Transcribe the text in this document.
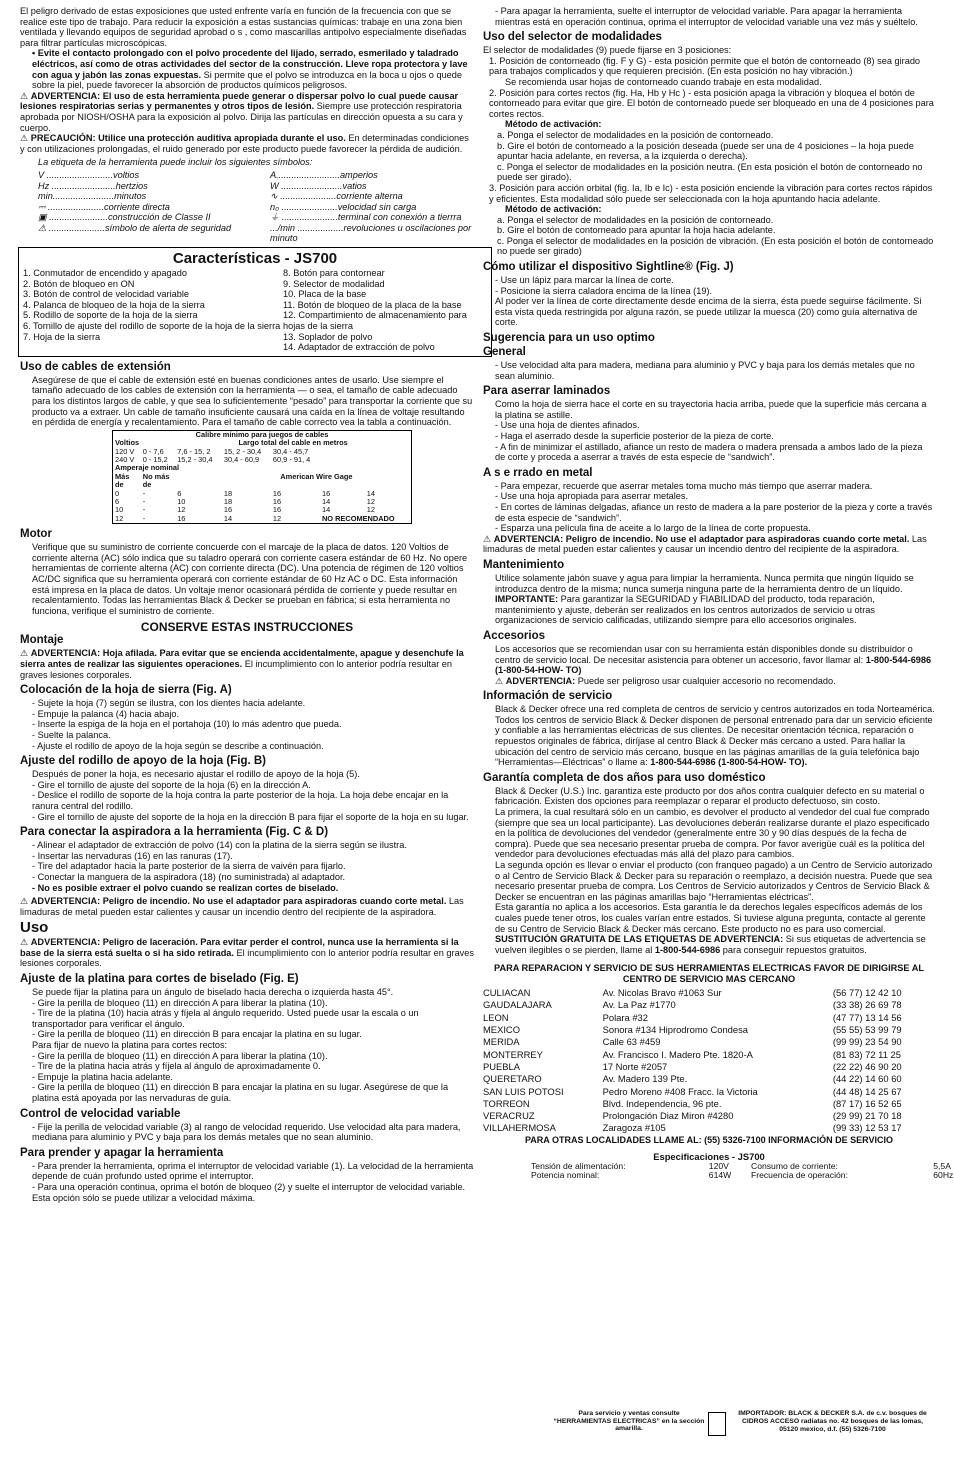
El peligro derivado de estas exposiciones que usted enfrente varía en función de la frecuencia con que se realice este tipo de trabajo. Para reducir la exposición a estas sustancias químicas: trabaje en una zona bien ventilada y llevando equipos de seguridad aprobad o s , como mascarillas antipolvo especialmente diseñadas para filtrar partículas microscópicas.

• Evite el contacto prolongado con el polvo procedente del lijado, serrado, esmerilado y taladrado eléctricos, así como de otras actividades del sector de la construcción. Lleve ropa protectora y lave con agua y jabón las zonas expuestas. Si permite que el polvo se introduzca en la boca u ojos o quede sobre la piel, puede favorecer la absorción de productos químicos peligrosos.

⚠ ADVERTENCIA: El uso de esta herramienta puede generar o dispersar polvo lo cual puede causar lesiones respiratorias serias y permanentes y otros tipos de lesión. Siempre use protección respiratoria aprobada por NIOSH/OSHA para la exposición al polvo. Dirija las partículas en dirección opuesta a su cara y cuerpo.

⚠ PRECAUCIÓN: Utilice una protección auditiva apropiada durante el uso. En determinadas condiciones y con utilizaciones prolongadas, el ruido generado por este producto puede favorecer la pérdida de audición.

La etiqueta de la herramienta puede incluir los siguientes símbolos:

V ..........................voltios	A.........................amperios
Hz .........................hertzios	W ........................vatios
min........................minutos	∿ ......................corriente alterna
⎓ ......................corriente directa	n₀ ......................velocidad sin carga
▣ .......................construcción de Classe II	⏚ ......................terminal con conexión a tierrra
⚠ ......................símbolo de alerta de seguridad	.../min ..................revoluciones u oscilaciones por minuto
Características - JS700
1. Conmutador de encendido y apagado
2. Botón de bloqueo en ON
3. Botón de control de velocidad variable
4. Palanca de bloqueo de la hoja de la sierra
5. Rodillo de soporte de la hoja de la sierra
6. Tornillo de ajuste del rodillo de soporte de la hoja de la sierra
7. Hoja de la sierra
8. Botón para contornear
9. Selector de modalidad
10. Placa de la base
11. Botón de bloqueo de la placa de la base
12. Compartimiento de almacenamiento para hojas de la sierra
13. Soplador de polvo
14. Adaptador de extracción de polvo
Uso de cables de extensión

Asegúrese de que el cable de extensión esté en buenas condiciones antes de usarlo. Use siempre el tamaño adecuado de los cables de extensión con la herramienta — o sea, el tamaño de cable adecuado para los distintos largos de cable, y que sea lo suficientemente “pesado” para transportar la corriente que su producto va a extraer. Un cable de tamaño insuficiente causará una caída en la línea de voltaje resultando en pérdida de energía y recalentamiento. Para el tamaño de cable correcto vea la tabla a continuación.

Calibre mínimo para juegos de cables						
Voltios		Largo total del cable en metros				
120 V	0 - 7,6	7,6 - 15, 2	15, 2 - 30,4	30,4 - 45,7		
240 V	0 - 15,2	15,2 - 30,4	30,4 - 60,9	60,9 - 91, 4		
Amperaje nominal						
Más	No más		American Wire Gage			
de	de					
0	-	6	18	16	16	14
6	-	10	18	16	14	12
10	-	12	16	16	14	12
12	-	16	14	12	NO RECOMENDADO	
Motor

Verifique que su suministro de corriente concuerde con el marcaje de la placa de datos. 120 Voltios de corriente alterna (AC) sólo indica que su taladro operará con corriente casera estándar de 60 Hz. No opere herramientas de corriente alterna (AC) con corriente directa (DC). Una potencia de régimen de 120 voltios AC/DC significa que su herramienta operará con corriente estándar de 60 Hz AC o DC. Esta información está impresa en la placa de datos. Un voltaje menor ocasionará pérdida de corriente y puede resultar en recalentamiento. Todas las herramientas Black & Decker se prueban en fábrica; si esta herramienta no funciona, verifique el suministro de corriente.

CONSERVE ESTAS INSTRUCCIONES
Montaje

⚠ ADVERTENCIA: Hoja afilada. Para evitar que se encienda accidentalmente, apague y desenchufe la sierra antes de realizar las siguientes operaciones. El incumplimiento con lo anterior podría resultar en graves lesiones corporales.

Colocación de la hoja de sierra (Fig. A)
- Sujete la hoja (7) según se ilustra, con los dientes hacia adelante.
- Empuje la palanca (4) hacia abajo.
- Inserte la espiga de la hoja en el portahoja (10) lo más adentro que pueda.
- Suelte la palanca.
- Ajuste el rodillo de apoyo de la hoja según se describe a continuación.
Ajuste del rodillo de apoyo de la hoja (Fig. B)
Después de poner la hoja, es necesario ajustar el rodillo de apoyo de la hoja (5).
- Gire el tornillo de ajuste del soporte de la hoja (6) en la dirección A.
- Deslice el rodillo de soporte de la hoja contra la parte posterior de la hoja. La hoja debe encajar en la ranura central del rodillo.
- Gire el tornillo de ajuste del soporte de la hoja en la dirección B para fijar el soporte de la hoja en su lugar.
Para conectar la aspiradora a la herramienta (Fig. C & D)
- Alinear el adaptador de extracción de polvo (14) con la platina de la sierra según se ilustra.
- Insertar las nervaduras (16) en las ranuras (17).
- Tire del adaptador hacia la parte posterior de la sierra de vaivén para fijarlo.
- Conectar la manguera de la aspiradora (18) (no suministrada) al adaptador.

- No es posible extraer el polvo cuando se realizan cortes de biselado.

⚠ ADVERTENCIA: Peligro de incendio. No use el adaptador para aspiradoras cuando corte metal. Las limaduras de metal pueden estar calientes y causar un incendio dentro del recipiente de la aspiradora.

Uso

⚠ ADVERTENCIA: Peligro de laceración. Para evitar perder el control, nunca use la herramienta si la base de la sierra está suelta o si ha sido retirada. El incumplimiento con lo anterior podría resultar en graves lesiones corporales.

Ajuste de la platina para cortes de biselado (Fig. E)
Se puede fijar la platina para un ángulo de biselado hacia derecha o izquierda hasta 45°.
- Gire la perilla de bloqueo (11) en dirección A para liberar la platina (10).
- Tire de la platina (10) hacia atrás y fíjela al ángulo requerido. Usted puede usar la escala o un transportador para verificar el ángulo.
- Gire la perilla de bloqueo (11) en dirección B para encajar la platina en su lugar.
Para fijar de nuevo la platina para cortes rectos:
- Gire la perilla de bloqueo (11) en dirección A para liberar la platina (10).
- Tire de la platina hacia atrás y fíjela al ángulo de aproximadamente 0.
- Empuje la platina hacia adelante.
- Gire la perilla de bloqueo (11) en dirección B para encajar la platina en su lugar. Asegúrese de que la platina está apoyada por las nervaduras de guía.
Control de velocidad variable

- Fije la perilla de velocidad variable (3) al rango de velocidad requerido. Use velocidad alta para madera, mediana para aluminio y PVC y baja para los demás metales que no sean aluminio.

Para prender y apagar la herramienta
- Para prender la herramienta, oprima el interruptor de velocidad variable (1). La velocidad de la herramienta depende de cuán profundo usted oprime el interruptor.
- Para una operación continua, oprima el botón de bloqueo (2) y suelte el interruptor de velocidad variable. Esta opción sólo se puede utilizar a velocidad máxima.

- Para apagar la herramienta, suelte el interruptor de velocidad variable. Para apagar la herramienta mientras está en operación continua, oprima el interruptor de velocidad variable una vez más y suéltelo.

Uso del selector de modalidades
El selector de modalidades (9) puede fijarse en 3 posiciones:
1. Posición de contorneado (fig. F y G) - esta posición permite que el botón de contorneado (8) sea girado para trabajos complicados y que requieren precisión. (En esta posición no hay vibración.)
Se recomienda usar hojas de contorneado cuando trabaje en esta modalidad.
2. Posición para cortes rectos (fig. Ha, Hb y Hc ) - esta posición apaga la vibración y bloquea el botón de contorneado para evitar que gire. El botón de contorneado puede ser bloqueado en una de 4 posiciones para cortes rectos.
Método de activación:
a. Ponga el selector de modalidades en la posición de contorneado.
b. Gire el botón de contorneado a la posición deseada (puede ser una de 4 posiciones – la hoja puede apuntar hacia adelante, en reversa, a la izquierda o derecha).
c. Ponga el selector de modalidades en la posición neutra. (En esta posición el botón de contorneado no puede ser girado).
3. Posición para acción orbital (fig. Ia, Ib e Ic) - esta posición enciende la vibración para cortes rectos rápidos y eficientes. Esta modalidad sólo puede ser seleccionada con la hoja apuntando hacia adelante.
Método de activación:
a. Ponga el selector de modalidades en la posición de contorneado.
b. Gire el botón de contorneado para apuntar la hoja hacia adelante.
c. Ponga el selector de modalidades en la posición de vibración. (En esta posición el botón de contorneado no puede ser girado)
Cómo utilizar el dispositivo Sightline® (Fig. J)
- Use un lápiz para marcar la línea de corte.
- Posicione la sierra caladora encima de la línea (19).
Al poder ver la línea de corte directamente desde encima de la sierra, ésta puede seguirse fácilmente. Si esta vista queda restringida por alguna razón, se puede utilizar la muesca (20) como guía alternativa de corte.
Sugerencia para un uso optimo
General

- Use velocidad alta para madera, mediana para aluminio y PVC y baja para los demás metales que no sean aluminio.

Para aserrar laminados
Como la hoja de sierra hace el corte en su trayectoria hacia arriba, puede que la superficie más cercana a la platina se astille.
- Use una hoja de dientes afinados.
- Haga el aserrado desde la superficie posterior de la pieza de corte.
- A fin de minimizar el astillado, afiance un resto de madera o madera prensada a ambos lado de la pieza de corte y proceda a aserrar a través de esta especie de “sandwich”.
A s e rrado en metal
- Para empezar, recuerde que aserrar metales toma mucho más tiempo que aserrar madera.
- Use una hoja apropiada para aserrar metales.
- En cortes de láminas delgadas, afiance un resto de madera a la pare posterior de la pieza y corte a través de esta especie de “sandwich”.
- Esparza una película fina de aceite a lo largo de la línea de corte propuesta.

⚠ ADVERTENCIA: Peligro de incendio. No use el adaptador para aspiradoras cuando corte metal. Las limaduras de metal pueden estar calientes y causar un incendio dentro del recipiente de la aspiradora.

Mantenimiento

Utilice solamente jabón suave y agua para limpiar la herramienta. Nunca permita que ningún líquido se introduzca dentro de la misma; nunca sumerja ninguna parte de la herramienta dentro de un líquido.

IMPORTANTE: Para garantizar la SEGURIDAD y FIABILIDAD del producto, toda reparación, mantenimiento y ajuste, deberán ser realizados en los centros autorizados de servicio u otras organizaciones de servicio calificadas, utilizando siempre para ello accesorios originales.

Accesorios

Los accesorios que se recomiendan usar con su herramienta están disponibles donde su distribuidor o centro de servicio local. De necesitar asistencia para obtener un accesorio, favor llamar al: 1-800-544-6986 (1-800-54-HOW- TO)

⚠ ADVERTENCIA: Puede ser peligroso usar cualquier accesorio no recomendado.

Información de servicio

Black & Decker ofrece una red completa de centros de servicio y centros autorizados en toda Norteamérica. Todos los centros de servicio Black & Decker disponen de personal entrenado para dar un servicio eficiente y confiable a las herramientas eléctricas de sus clientes. De necesitar orientación técnica, reparación o repuestos originales de fábrica, diríjase al centro Black & Decker más cercano a usted. Para hallar la ubicación del centro de servicio más cercano, busque en las páginas amarillas de la guía telefónica bajo “Herramientas—Eléctricas” o llame a: 1-800-544-6986 (1-800-54-HOW- TO).

Garantía completa de dos años para uso doméstico
Black & Decker (U.S.) Inc. garantiza este producto por dos años contra cualquier defecto en su material o fabricación. Existen dos opciones para reemplazar o reparar el producto defectuoso, sin costo.
La primera, la cual resultará sólo en un cambio, es devolver el producto al vendedor del cual fue comprado (siempre que sea un local participante). Las devoluciones deberán realizarse durante el plazo especificado en la política de devoluciones del vendedor (generalmente entre 30 y 90 días después de la fecha de compra). Puede que sea necesario presentar prueba de compra. Por favor averigüe cuál es la política del vendedor para devoluciones efectuadas más allá del plazo para cambios.
La segunda opción es llevar o enviar el producto (con franqueo pagado) a un Centro de Servicio autorizado o al Centro de Servicio Black & Decker para su reparación o reemplazo, a decisión nuestra. Puede que sea necesario presentar prueba de compra. Los Centros de Servicio autorizados y Centros de Servicio Black & Decker se encuentran en las páginas amarillas bajo “Herramientas eléctricas”.
Esta garantía no aplica a los accesorios. Esta garantía le da derechos legales específicos además de los cuales puede tener otros, los cuales varían entre estados. Si tuviese alguna pregunta, contacte al gerente de su Centro de Servicio Black & Decker más cercano. Este producto no es para uso comercial.

SUSTITUCIÓN GRATUITA DE LAS ETIQUETAS DE ADVERTENCIA: Si sus etiquetas de advertencia se vuelven ilegibles o se pierden, llame al 1-800-544-6986 para conseguir repuestos gratuitos.

PARA REPARACION Y SERVICIO DE SUS HERRAMIENTAS ELECTRICAS FAVOR DE DIRIGIRSE AL CENTRO DE SERVICIO MAS CERCANO
CULIACAN	Av. Nicolas Bravo #1063 Sur	(56 77) 12 42 10
GAUDALAJARA	Av. La Paz #1770	(33 38) 26 69 78
LEON	Polara #32	(47 77) 13 14 56
MEXICO	Sonora #134 Hiprodromo Condesa	(55 55) 53 99 79
MERIDA	Calle 63 #459	(99 99) 23 54 90
MONTERREY	Av. Francisco I. Madero Pte. 1820-A	(81 83) 72 11 25
PUEBLA	17 Norte #2057	(22 22) 46 90 20
QUERETARO	Av. Madero 139 Pte.	(44 22) 14 60 60
SAN LUIS POTOSI	Pedro Moreno #408 Fracc. la Victoria	(44 48) 14 25 67
TORREON	Blvd. Independencia, 96 pte.	(87 17) 16 52 65
VERACRUZ	Prolongación Diaz Miron #4280	(29 99) 21 70 18
VILLAHERMOSA	Zaragoza #105	(99 33) 12 53 17
PARA OTRAS LOCALIDADES LLAME AL: (55) 5326-7100 INFORMACIÓN DE SERVICIO
Especificaciones - JS700
Tensión de alimentación:	120V	Consumo de corriente:	5,5A
Potencia nominal:	614W	Frecuencia de operación:	60Hz
Para servicio y ventas consulte “HERRAMIENTAS ELECTRICAS” en la sección amarilla.
IMPORTADOR: BLACK & DECKER S.A. de c.v. bosques de CIDROS ACCESO radiatas no. 42 bosques de las lomas, 05120 mexico, d.f. (55) 5326-7100
